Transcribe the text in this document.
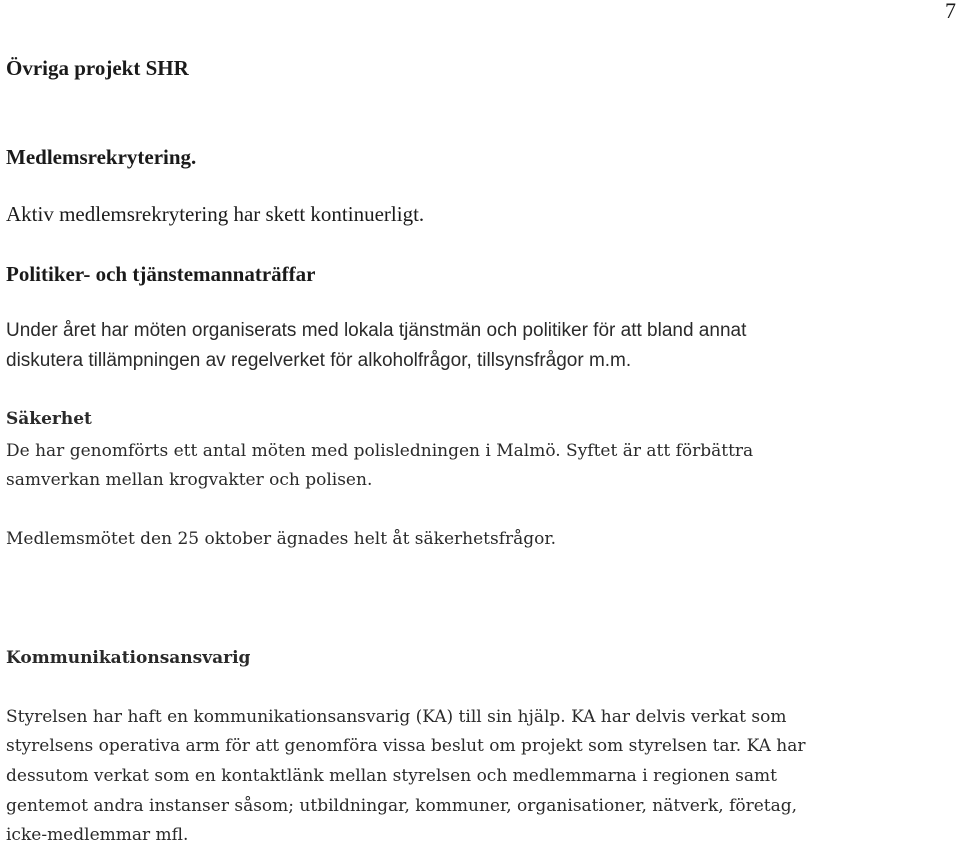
7
Övriga projekt SHR
Medlemsrekrytering.

Aktiv medlemsrekrytering har skett kontinuerligt.

Politiker- och tjänstemannaträffar

Under året har möten organiserats med lokala tjänstmän och politiker för att bland annat

diskutera tillämpningen av regelverket för alkoholfrågor, tillsynsfrågor m.m.

Säkerhet

De har genomförts ett antal möten med polisledningen i Malmö. Syftet är att förbättra

samverkan mellan krogvakter och polisen.

Medlemsmötet den 25 oktober ägnades helt åt säkerhetsfrågor.

Kommunikationsansvarig

Styrelsen har haft en kommunikationsansvarig (KA) till sin hjälp. KA har delvis verkat som

styrelsens operativa arm för att genomföra vissa beslut om projekt som styrelsen tar. KA har

dessutom verkat som en kontaktlänk mellan styrelsen och medlemmarna i regionen samt

gentemot andra instanser såsom; utbildningar, kommuner, organisationer, nätverk, företag,

icke-medlemmar mfl.
